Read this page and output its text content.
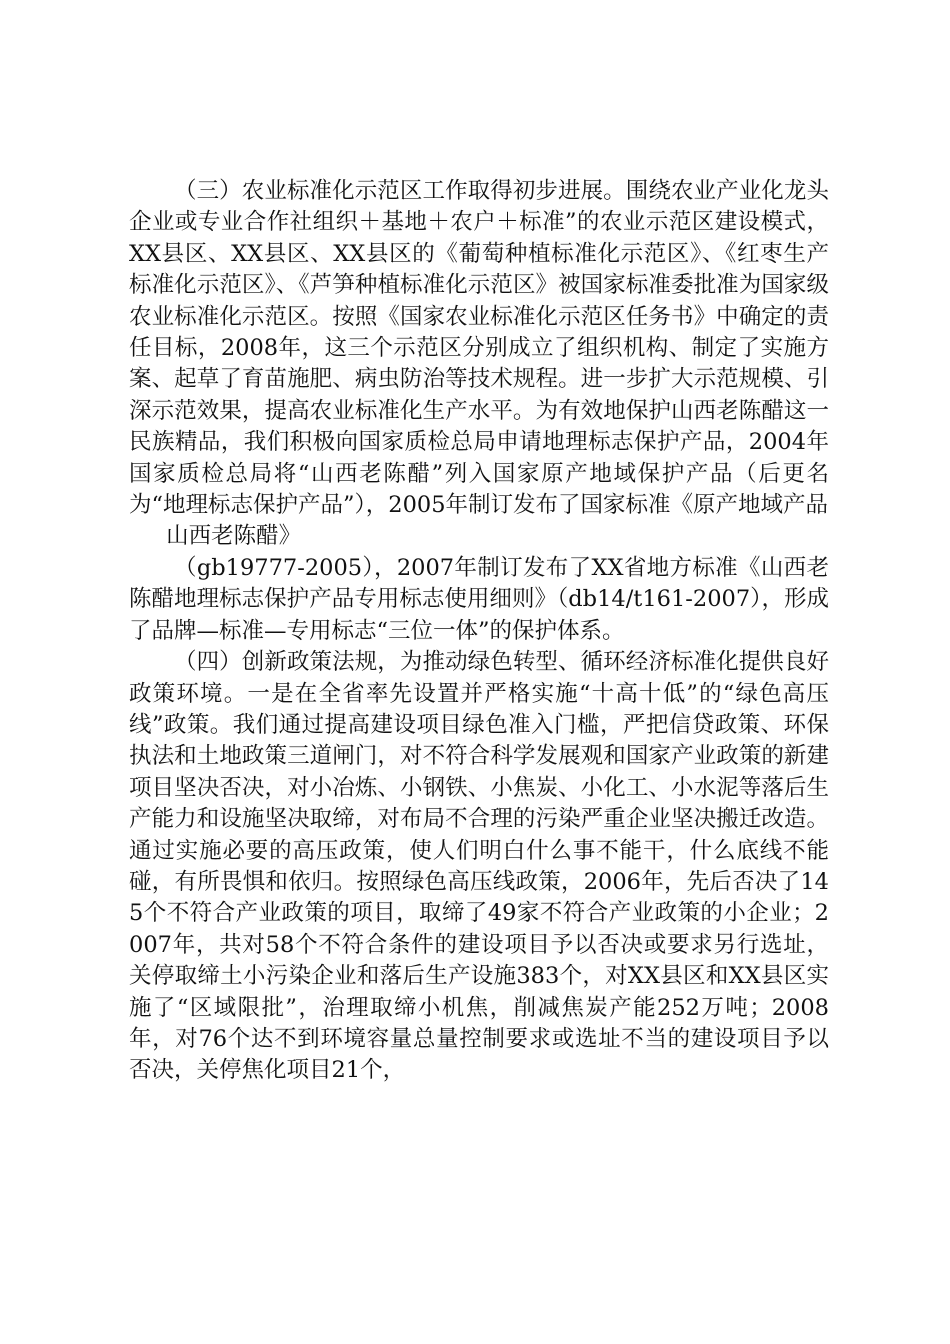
（三）农业标准化示范区工作取得初步进展。围绕农业产业化龙头企业或专业合作社组织＋基地＋农户＋标准”的农业示范区建设模式，XX县区、XX县区、XX县区的《葡萄种植标准化示范区》、《红枣生产标准化示范区》、《芦笋种植标准化示范区》被国家标准委批准为国家级农业标准化示范区。按照《国家农业标准化示范区任务书》中确定的责任目标，2008年，这三个示范区分别成立了组织机构、制定了实施方案、起草了育苗施肥、病虫防治等技术规程。进一步扩大示范规模、引深示范效果，提高农业标准化生产水平。为有效地保护山西老陈醋这一民族精品，我们积极向国家质检总局申请地理标志保护产品，2004年国家质检总局将“山西老陈醋”列入国家原产地域保护产品（后更名为“地理标志保护产品”），2005年制订发布了国家标准《原产地域产品

山西老陈醋》

（gb19777-2005），2007年制订发布了XX省地方标准《山西老陈醋地理标志保护产品专用标志使用细则》（db14/t161-2007），形成了品牌—标准—专用标志“三位一体”的保护体系。

（四）创新政策法规，为推动绿色转型、循环经济标准化提供良好政策环境。一是在全省率先设置并严格实施“十高十低”的“绿色高压线”政策。我们通过提高建设项目绿色准入门槛，严把信贷政策、环保执法和土地政策三道闸门，对不符合科学发展观和国家产业政策的新建项目坚决否决，对小冶炼、小钢铁、小焦炭、小化工、小水泥等落后生产能力和设施坚决取缔，对布局不合理的污染严重企业坚决搬迁改造。通过实施必要的高压政策，使人们明白什么事不能干，什么底线不能碰，有所畏惧和依归。按照绿色高压线政策，2006年，先后否决了145个不符合产业政策的项目，取缔了49家不符合产业政策的小企业；2007年，共对58个不符合条件的建设项目予以否决或要求另行选址，关停取缔土小污染企业和落后生产设施383个，对XX县区和XX县区实施了“区域限批”，治理取缔小机焦，削减焦炭产能252万吨；2008年，对76个达不到环境容量总量控制要求或选址不当的建设项目予以否决，关停焦化项目21个，
